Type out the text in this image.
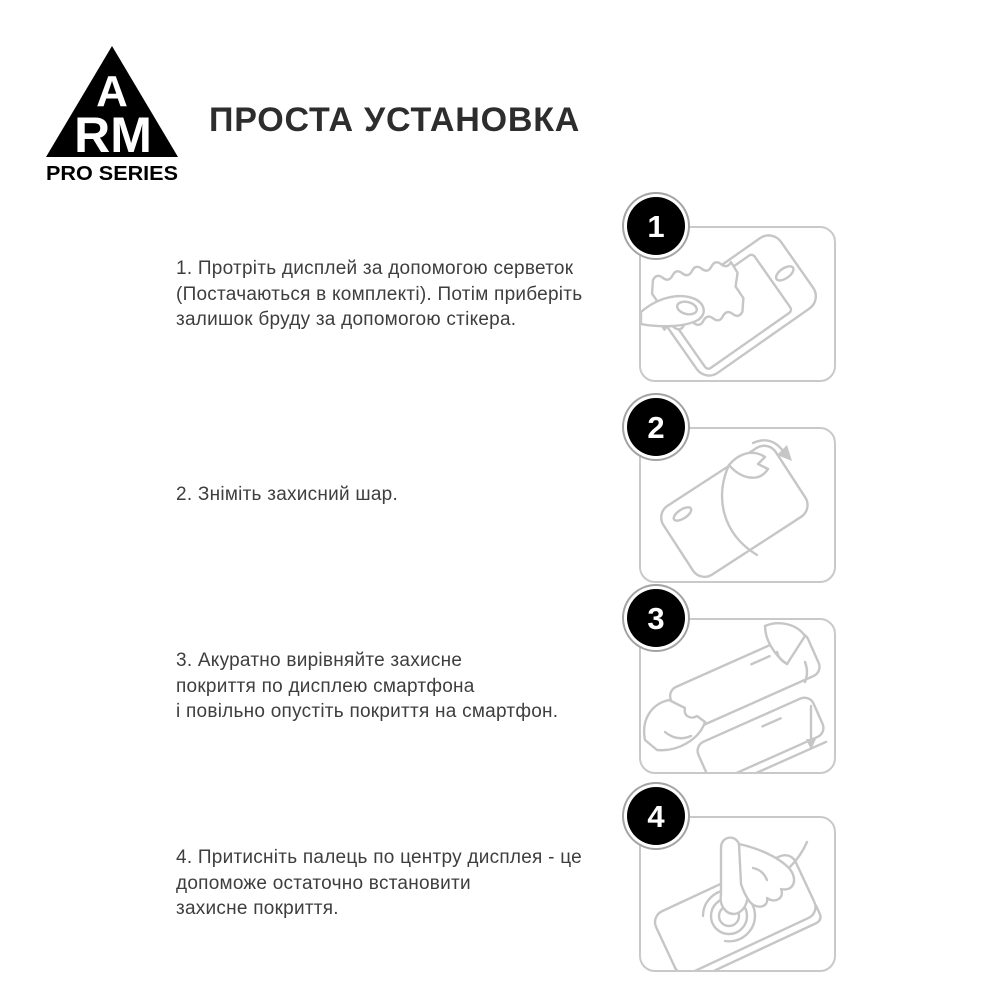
A
RM
PRO SERIES
ПРОСТА УСТАНОВКА
1. Протріть дисплей за допомогою серветок
(Постачаються в комплекті). Потім приберіть
залишок бруду за допомогою стікера.
2. Зніміть захисний шар.
3. Акуратно вирівняйте захисне
покриття по дисплею смартфона
і повільно опустіть покриття на смартфон.
4. Притисніть палець по центру дисплея - це
допоможе остаточно встановити
захисне покриття.
1
2
3
4
